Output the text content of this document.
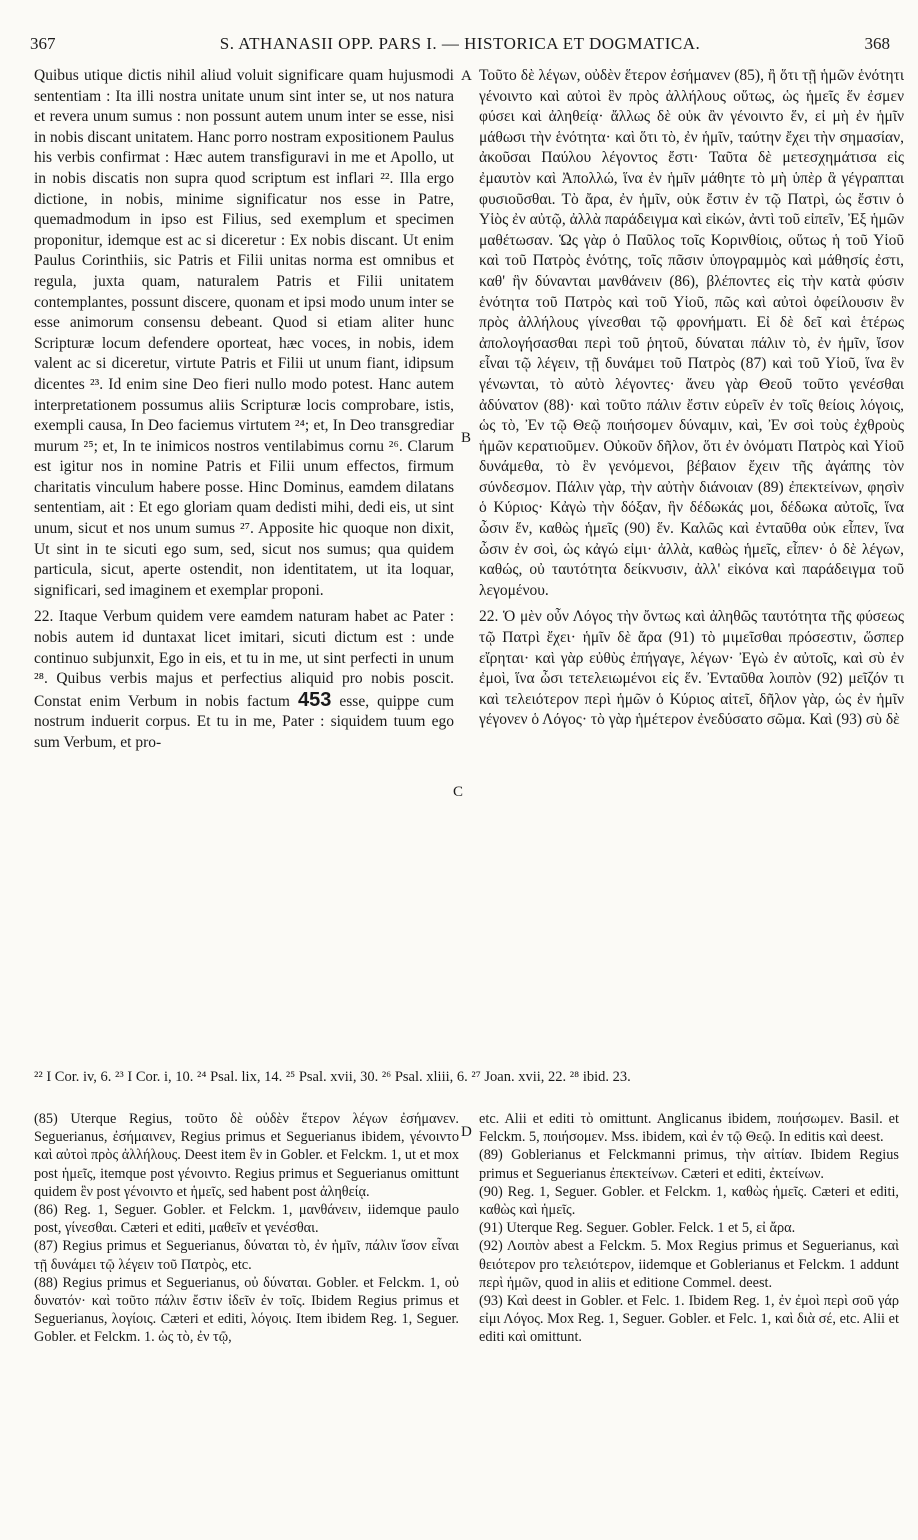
367	S. ATHANASII OPP. PARS I. — HISTORICA ET DOGMATICA.	368
A
B
C
D

Quibus utique dictis nihil aliud voluit significare quam hujusmodi sententiam : Ita illi nostra unitate unum sint inter se, ut nos natura et revera unum sumus : non possunt autem unum inter se esse, nisi in nobis discant unitatem. Hanc porro nostram expositionem Paulus his verbis confirmat : Hæc autem transfiguravi in me et Apollo, ut in nobis discatis non supra quod scriptum est inflari ²². Illa ergo dictione, in nobis, minime significatur nos esse in Patre, quemadmodum in ipso est Filius, sed exemplum et specimen proponitur, idemque est ac si diceretur : Ex nobis discant. Ut enim Paulus Corinthiis, sic Patris et Filii unitas norma est omnibus et regula, juxta quam, naturalem Patris et Filii unitatem contemplantes, possunt discere, quonam et ipsi modo unum inter se esse animorum consensu debeant. Quod si etiam aliter hunc Scripturæ locum defendere oporteat, hæc voces, in nobis, idem valent ac si diceretur, virtute Patris et Filii ut unum fiant, idipsum dicentes ²³. Id enim sine Deo fieri nullo modo potest. Hanc autem interpretationem possumus aliis Scripturæ locis comprobare, istis, exempli causa, In Deo faciemus virtutem ²⁴; et, In Deo transgrediar murum ²⁵; et, In te inimicos nostros ventilabimus cornu ²⁶. Clarum est igitur nos in nomine Patris et Filii unum effectos, firmum charitatis vinculum habere posse. Hinc Dominus, eamdem dilatans sententiam, ait : Et ego gloriam quam dedisti mihi, dedi eis, ut sint unum, sicut et nos unum sumus ²⁷. Apposite hic quoque non dixit, Ut sint in te sicuti ego sum, sed, sicut nos sumus; qua quidem particula, sicut, aperte ostendit, non identitatem, ut ita loquar, significari, sed imaginem et exemplar proponi.

22. Itaque Verbum quidem vere eamdem naturam habet ac Pater : nobis autem id duntaxat licet imitari, sicuti dictum est : unde continuo subjunxit, Ego in eis, et tu in me, ut sint perfecti in unum ²⁸. Quibus verbis majus et perfectius aliquid pro nobis poscit. Constat enim Verbum in nobis factum 453 esse, quippe cum nostrum induerit corpus. Et tu in me, Pater : siquidem tuum ego sum Verbum, et pro-

Τοῦτο δὲ λέγων, οὐδὲν ἕτερον ἐσήμανεν (85), ἢ ὅτι τῇ ἡμῶν ἑνότητι γένοιντο καὶ αὐτοὶ ἓν πρὸς ἀλλήλους οὕτως, ὡς ἡμεῖς ἕν ἐσμεν φύσει καὶ ἀληθείᾳ· ἄλλως δὲ οὐκ ἂν γένοιντο ἕν, εἰ μὴ ἐν ἡμῖν μάθωσι τὴν ἑνότητα· καὶ ὅτι τὸ, ἐν ἡμῖν, ταύτην ἔχει τὴν σημασίαν, ἀκοῦσαι Παύλου λέγοντος ἔστι· Ταῦτα δὲ μετεσχημάτισα εἰς ἐμαυτὸν καὶ Ἀπολλώ, ἵνα ἐν ἡμῖν μάθητε τὸ μὴ ὑπὲρ ἃ γέγραπται φυσιοῦσθαι. Τὸ ἄρα, ἐν ἡμῖν, οὐκ ἔστιν ἐν τῷ Πατρὶ, ὡς ἔστιν ὁ Υἱὸς ἐν αὐτῷ, ἀλλὰ παράδειγμα καὶ εἰκών, ἀντὶ τοῦ εἰπεῖν, Ἐξ ἡμῶν μαθέτωσαν. Ὡς γὰρ ὁ Παῦλος τοῖς Κορινθίοις, οὕτως ἡ τοῦ Υἱοῦ καὶ τοῦ Πατρὸς ἑνότης, τοῖς πᾶσιν ὑπογραμμὸς καὶ μάθησίς ἐστι, καθ' ἣν δύνανται μανθάνειν (86), βλέποντες εἰς τὴν κατὰ φύσιν ἑνότητα τοῦ Πατρὸς καὶ τοῦ Υἱοῦ, πῶς καὶ αὐτοὶ ὀφείλουσιν ἓν πρὸς ἀλλήλους γίνεσθαι τῷ φρονήματι. Εἰ δὲ δεῖ καὶ ἑτέρως ἀπολογήσασθαι περὶ τοῦ ῥητοῦ, δύναται πάλιν τὸ, ἐν ἡμῖν, ἴσον εἶναι τῷ λέγειν, τῇ δυνάμει τοῦ Πατρὸς (87) καὶ τοῦ Υἱοῦ, ἵνα ἓν γένωνται, τὸ αὐτὸ λέγοντες· ἄνευ γὰρ Θεοῦ τοῦτο γενέσθαι ἀδύνατον (88)· καὶ τοῦτο πάλιν ἔστιν εὑρεῖν ἐν τοῖς θείοις λόγοις, ὡς τὸ, Ἐν τῷ Θεῷ ποιήσομεν δύναμιν, καὶ, Ἐν σοὶ τοὺς ἐχθροὺς ἡμῶν κερατιοῦμεν. Οὐκοῦν δῆλον, ὅτι ἐν ὀνόματι Πατρὸς καὶ Υἱοῦ δυνάμεθα, τὸ ἓν γενόμενοι, βέβαιον ἔχειν τῆς ἀγάπης τὸν σύνδεσμον. Πάλιν γὰρ, τὴν αὐτὴν διάνοιαν (89) ἐπεκτείνων, φησὶν ὁ Κύριος· Κἀγὼ τὴν δόξαν, ἣν δέδωκάς μοι, δέδωκα αὐτοῖς, ἵνα ὦσιν ἕν, καθὼς ἡμεῖς (90) ἕν. Καλῶς καὶ ἐνταῦθα οὐκ εἶπεν, ἵνα ὦσιν ἐν σοὶ, ὡς κἀγώ εἰμι· ἀλλὰ, καθὼς ἡμεῖς, εἶπεν· ὁ δὲ λέγων, καθώς, οὐ ταυτότητα δείκνυσιν, ἀλλ' εἰκόνα καὶ παράδειγμα τοῦ λεγομένου.

22. Ὁ μὲν οὖν Λόγος τὴν ὄντως καὶ ἀληθῶς ταυτότητα τῆς φύσεως τῷ Πατρὶ ἔχει· ἡμῖν δὲ ἄρα (91) τὸ μιμεῖσθαι πρόσεστιν, ὥσπερ εἴρηται· καὶ γὰρ εὐθὺς ἐπήγαγε, λέγων· Ἐγὼ ἐν αὐτοῖς, καὶ σὺ ἐν ἐμοὶ, ἵνα ὦσι τετελειωμένοι εἰς ἕν. Ἐνταῦθα λοιπὸν (92) μεῖζόν τι καὶ τελειότερον περὶ ἡμῶν ὁ Κύριος αἰτεῖ, δῆλον γὰρ, ὡς ἐν ἡμῖν γέγονεν ὁ Λόγος· τὸ γὰρ ἡμέτερον ἐνεδύσατο σῶμα. Καὶ (93) σὺ δὲ

²² I Cor. iv, 6. ²³ I Cor. i, 10. ²⁴ Psal. lix, 14. ²⁵ Psal. xvii, 30. ²⁶ Psal. xliii, 6. ²⁷ Joan. xvii, 22. ²⁸ ibid. 23.

(85) Uterque Regius, τοῦτο δὲ οὐδὲν ἕτερον λέγων ἐσήμανεν. Seguerianus, ἐσήμαινεν, Regius primus et Seguerianus ibidem, γένοιντο καὶ αὐτοὶ πρὸς ἀλλήλους. Deest item ἓν in Gobler. et Felckm. 1, ut et mox post ἡμεῖς, itemque post γένοιντο. Regius primus et Seguerianus omittunt quidem ἓν post γένοιντο et ἡμεῖς, sed habent post ἀληθείᾳ.

(86) Reg. 1, Seguer. Gobler. et Felckm. 1, μανθάνειν, iidemque paulo post, γίνεσθαι. Cæteri et editi, μαθεῖν et γενέσθαι.

(87) Regius primus et Seguerianus, δύναται τὸ, ἐν ἡμῖν, πάλιν ἴσον εἶναι τῇ δυνάμει τῷ λέγειν τοῦ Πατρὸς, etc.

(88) Regius primus et Seguerianus, οὐ δύναται. Gobler. et Felckm. 1, οὐ δυνατόν· καὶ τοῦτο πάλιν ἔστιν ἰδεῖν ἐν τοῖς. Ibidem Regius primus et Seguerianus, λογίοις. Cæteri et editi, λόγοις. Item ibidem Reg. 1, Seguer. Gobler. et Felckm. 1. ὡς τὸ, ἐν τῷ,

etc. Alii et editi τὸ omittunt. Anglicanus ibidem, ποιήσωμεν. Basil. et Felckm. 5, ποιήσομεν. Mss. ibidem, καὶ ἐν τῷ Θεῷ. In editis καὶ deest.

(89) Goblerianus et Felckmanni primus, τὴν αἰτίαν. Ibidem Regius primus et Seguerianus ἐπεκτείνων. Cæteri et editi, ἐκτείνων.

(90) Reg. 1, Seguer. Gobler. et Felckm. 1, καθὼς ἡμεῖς. Cæteri et editi, καθὼς καὶ ἡμεῖς.

(91) Uterque Reg. Seguer. Gobler. Felck. 1 et 5, εἰ ἄρα.

(92) Λοιπὸν abest a Felckm. 5. Mox Regius primus et Seguerianus, καὶ θειότερον pro τελειότερον, iidemque et Goblerianus et Felckm. 1 addunt περὶ ἡμῶν, quod in aliis et editione Commel. deest.

(93) Καὶ deest in Gobler. et Felc. 1. Ibidem Reg. 1, ἐν ἐμοὶ περὶ σοῦ γάρ εἰμι Λόγος. Mox Reg. 1, Seguer. Gobler. et Felc. 1, καὶ διὰ σέ, etc. Alii et editi καὶ omittunt.
